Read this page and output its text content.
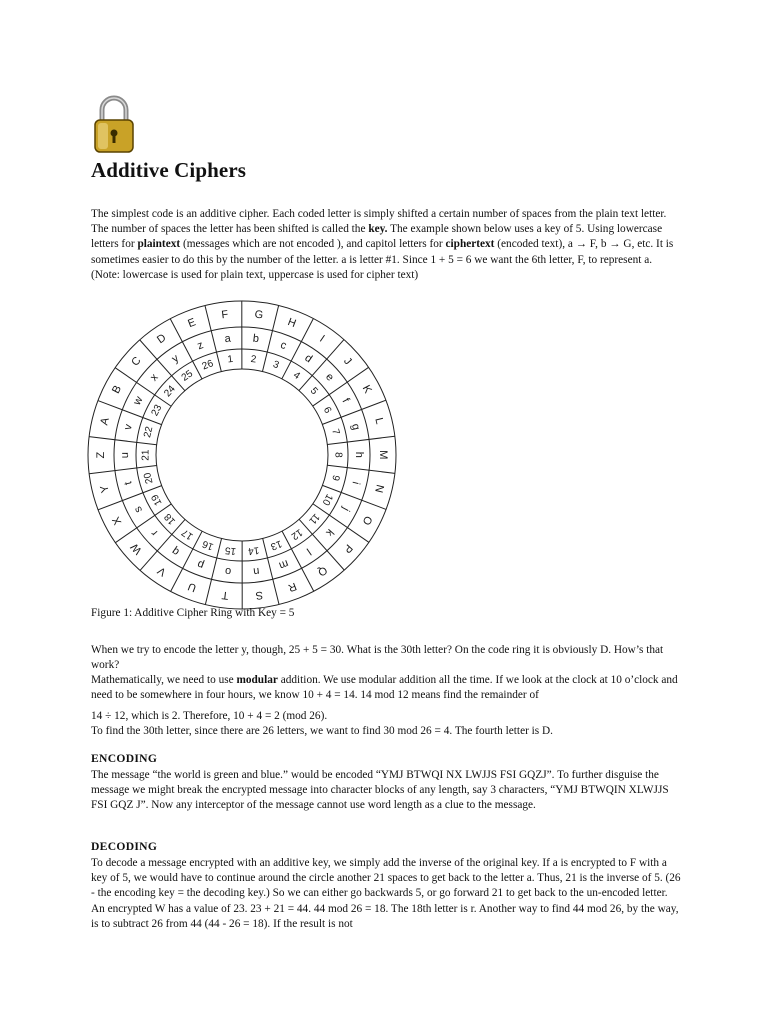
Additive Ciphers

The simplest code is an additive cipher. Each coded letter is simply shifted a certain number of spaces from the plain text letter. The number of spaces the letter has been shifted is called the key. The example shown below uses a key of 5. Using lowercase letters for plaintext (messages which are not encoded ), and capitol letters for ciphertext (encoded text), a → F, b → G, etc. It is sometimes easier to do this by the number of the letter. a is letter #1. Since 1 + 5 = 6 we want the 6th letter, F, to represent a. (Note: lowercase is used for plain text, uppercase is used for cipher text)

F G
H
I
J
K
L
M
N
O
P
Q
R
S
T
U
V
W
X
Y
Z
A
B
C
D
E
a b
c
d
e
f
g
h
i
j
k
l
m
n
o
p
q
r
s
t
u
v
w
x
y
z
1 2 3
4
5
6
7
8
9
10
11
12
13
14
15
16
17
18
19
20
21
22
23
24
25
26

Figure 1: Additive Cipher Ring with Key = 5

When we try to encode the letter y, though, 25 + 5 = 30. What is the 30th letter? On the code ring it is obviously D. How’s that work?

Mathematically, we need to use modular addition. We use modular addition all the time. If we look at the clock at 10 o’clock and need to be somewhere in four hours, we know 10 + 4 = 14. 14 mod 12 means find the remainder of

14 ÷ 12, which is 2. Therefore, 10 + 4 = 2 (mod 26).

To find the 30th letter, since there are 26 letters, we want to find 30 mod 26 = 4. The fourth letter is D.

ENCODING

The message “the world is green and blue.” would be encoded “YMJ BTWQI NX LWJJS FSI GQZJ”. To further disguise the message we might break the encrypted message into character blocks of any length, say 3 characters, “YMJ BTWQIN XLWJJS FSI GQZ J”. Now any interceptor of the message cannot use word length as a clue to the message.

DECODING

To decode a message encrypted with an additive key, we simply add the inverse of the original key. If a is encrypted to F with a key of 5, we would have to continue around the circle another 21 spaces to get back to the letter a. Thus, 21 is the inverse of 5. (26 - the encoding key = the decoding key.) So we can either go backwards 5, or go forward 21 to get back to the un-encoded letter. An encrypted W has a value of 23. 23 + 21 = 44. 44 mod 26 = 18. The 18th letter is r. Another way to find 44 mod 26, by the way, is to subtract 26 from 44 (44 - 26 = 18). If the result is not
